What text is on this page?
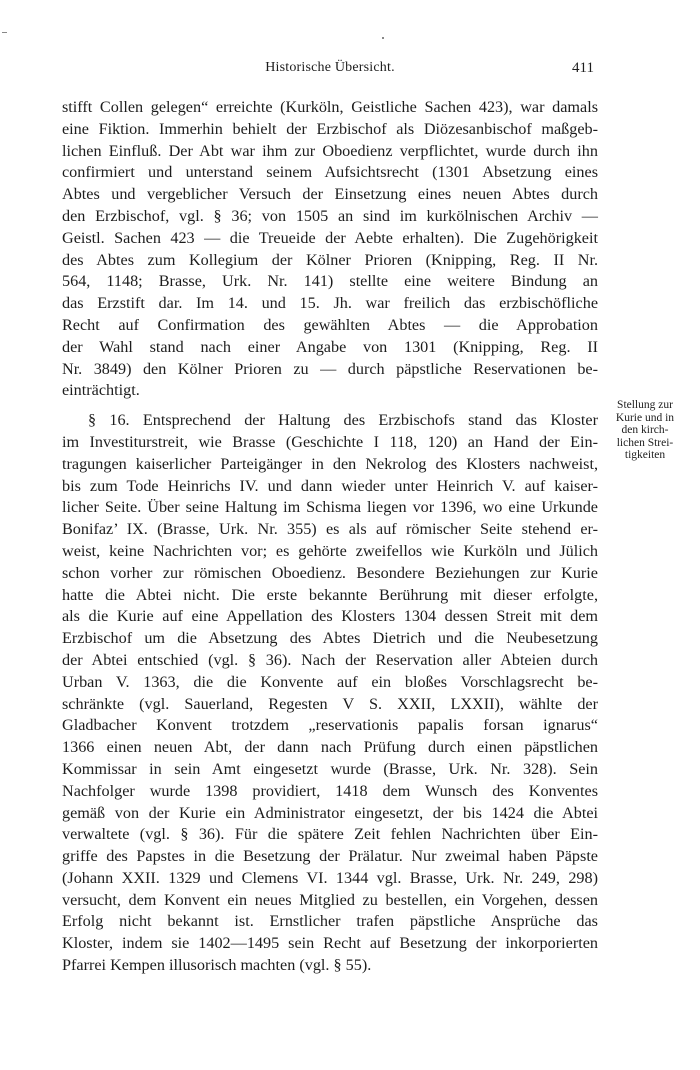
Historische Übersicht.	411
stifft Collen gelegen“ erreichte (Kurköln, Geistliche Sachen 423), war damals
eine Fiktion. Immerhin behielt der Erzbischof als Diözesanbischof maßgeb-
lichen Einfluß. Der Abt war ihm zur Oboedienz verpflichtet, wurde durch ihn
confirmiert und unterstand seinem Aufsichtsrecht (1301 Absetzung eines
Abtes und vergeblicher Versuch der Einsetzung eines neuen Abtes durch
den Erzbischof, vgl. § 36; von 1505 an sind im kurkölnischen Archiv —
Geistl. Sachen 423 — die Treueide der Aebte erhalten). Die Zugehörigkeit
des Abtes zum Kollegium der Kölner Prioren (Knipping, Reg. II Nr.
564, 1148; Brasse, Urk. Nr. 141) stellte eine weitere Bindung an
das Erzstift dar. Im 14. und 15. Jh. war freilich das erzbischöfliche
Recht auf Confirmation des gewählten Abtes — die Approbation
der Wahl stand nach einer Angabe von 1301 (Knipping, Reg. II
Nr. 3849) den Kölner Prioren zu — durch päpstliche Reservationen be-
einträchtigt.
§ 16. Entsprechend der Haltung des Erzbischofs stand das Kloster
im Investiturstreit, wie Brasse (Geschichte I 118, 120) an Hand der Ein-
tragungen kaiserlicher Parteigänger in den Nekrolog des Klosters nachweist,
bis zum Tode Heinrichs IV. und dann wieder unter Heinrich V. auf kaiser-
licher Seite. Über seine Haltung im Schisma liegen vor 1396, wo eine Urkunde
Bonifaz’ IX. (Brasse, Urk. Nr. 355) es als auf römischer Seite stehend er-
weist, keine Nachrichten vor; es gehörte zweifellos wie Kurköln und Jülich
schon vorher zur römischen Oboedienz. Besondere Beziehungen zur Kurie
hatte die Abtei nicht. Die erste bekannte Berührung mit dieser erfolgte,
als die Kurie auf eine Appellation des Klosters 1304 dessen Streit mit dem
Erzbischof um die Absetzung des Abtes Dietrich und die Neubesetzung
der Abtei entschied (vgl. § 36). Nach der Reservation aller Abteien durch
Urban V. 1363, die die Konvente auf ein bloßes Vorschlagsrecht be-
schränkte (vgl. Sauerland, Regesten V S. XXII, LXXII), wählte der
Gladbacher Konvent trotzdem „reservationis papalis forsan ignarus“
1366 einen neuen Abt, der dann nach Prüfung durch einen päpstlichen
Kommissar in sein Amt eingesetzt wurde (Brasse, Urk. Nr. 328). Sein
Nachfolger wurde 1398 providiert, 1418 dem Wunsch des Konventes
gemäß von der Kurie ein Administrator eingesetzt, der bis 1424 die Abtei
verwaltete (vgl. § 36). Für die spätere Zeit fehlen Nachrichten über Ein-
griffe des Papstes in die Besetzung der Prälatur. Nur zweimal haben Päpste
(Johann XXII. 1329 und Clemens VI. 1344 vgl. Brasse, Urk. Nr. 249, 298)
versucht, dem Konvent ein neues Mitglied zu bestellen, ein Vorgehen, dessen
Erfolg nicht bekannt ist. Ernstlicher trafen päpstliche Ansprüche das
Kloster, indem sie 1402—1495 sein Recht auf Besetzung der inkorporierten
Pfarrei Kempen illusorisch machten (vgl. § 55).
Stellung zur
Kurie und in
den kirch-
lichen Strei-
tigkeiten
